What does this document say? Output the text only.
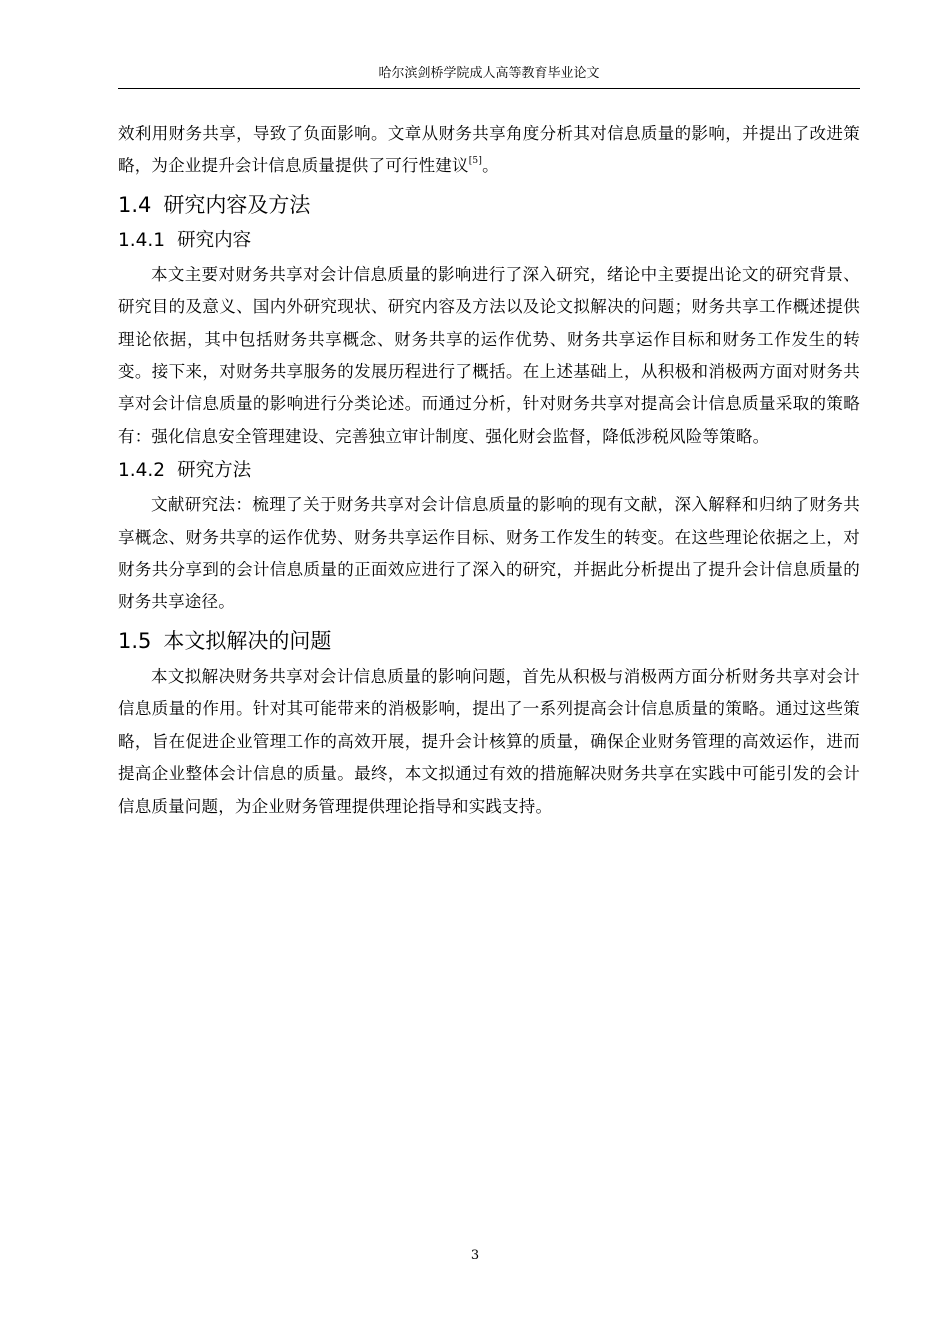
哈尔滨剑桥学院成人高等教育毕业论文

效利用财务共享，导致了负面影响。文章从财务共享角度分析其对信息质量的影响，并提出了改进策略，为企业提升会计信息质量提供了可行性建议[5]。

1.4 研究内容及方法
1.4.1 研究内容

本文主要对财务共享对会计信息质量的影响进行了深入研究，绪论中主要提出论文的研究背景、研究目的及意义、国内外研究现状、研究内容及方法以及论文拟解决的问题；财务共享工作概述提供理论依据，其中包括财务共享概念、财务共享的运作优势、财务共享运作目标和财务工作发生的转变。接下来，对财务共享服务的发展历程进行了概括。在上述基础上，从积极和消极两方面对财务共享对会计信息质量的影响进行分类论述。而通过分析，针对财务共享对提高会计信息质量采取的策略有：强化信息安全管理建设、完善独立审计制度、强化财会监督，降低涉税风险等策略。

1.4.2 研究方法

文献研究法：梳理了关于财务共享对会计信息质量的影响的现有文献，深入解释和归纳了财务共享概念、财务共享的运作优势、财务共享运作目标、财务工作发生的转变。在这些理论依据之上，对财务共分享到的会计信息质量的正面效应进行了深入的研究，并据此分析提出了提升会计信息质量的财务共享途径。

1.5 本文拟解决的问题

本文拟解决财务共享对会计信息质量的影响问题，首先从积极与消极两方面分析财务共享对会计信息质量的作用。针对其可能带来的消极影响，提出了一系列提高会计信息质量的策略。通过这些策略，旨在促进企业管理工作的高效开展，提升会计核算的质量，确保企业财务管理的高效运作，进而提高企业整体会计信息的质量。最终，本文拟通过有效的措施解决财务共享在实践中可能引发的会计信息质量问题，为企业财务管理提供理论指导和实践支持。

3
